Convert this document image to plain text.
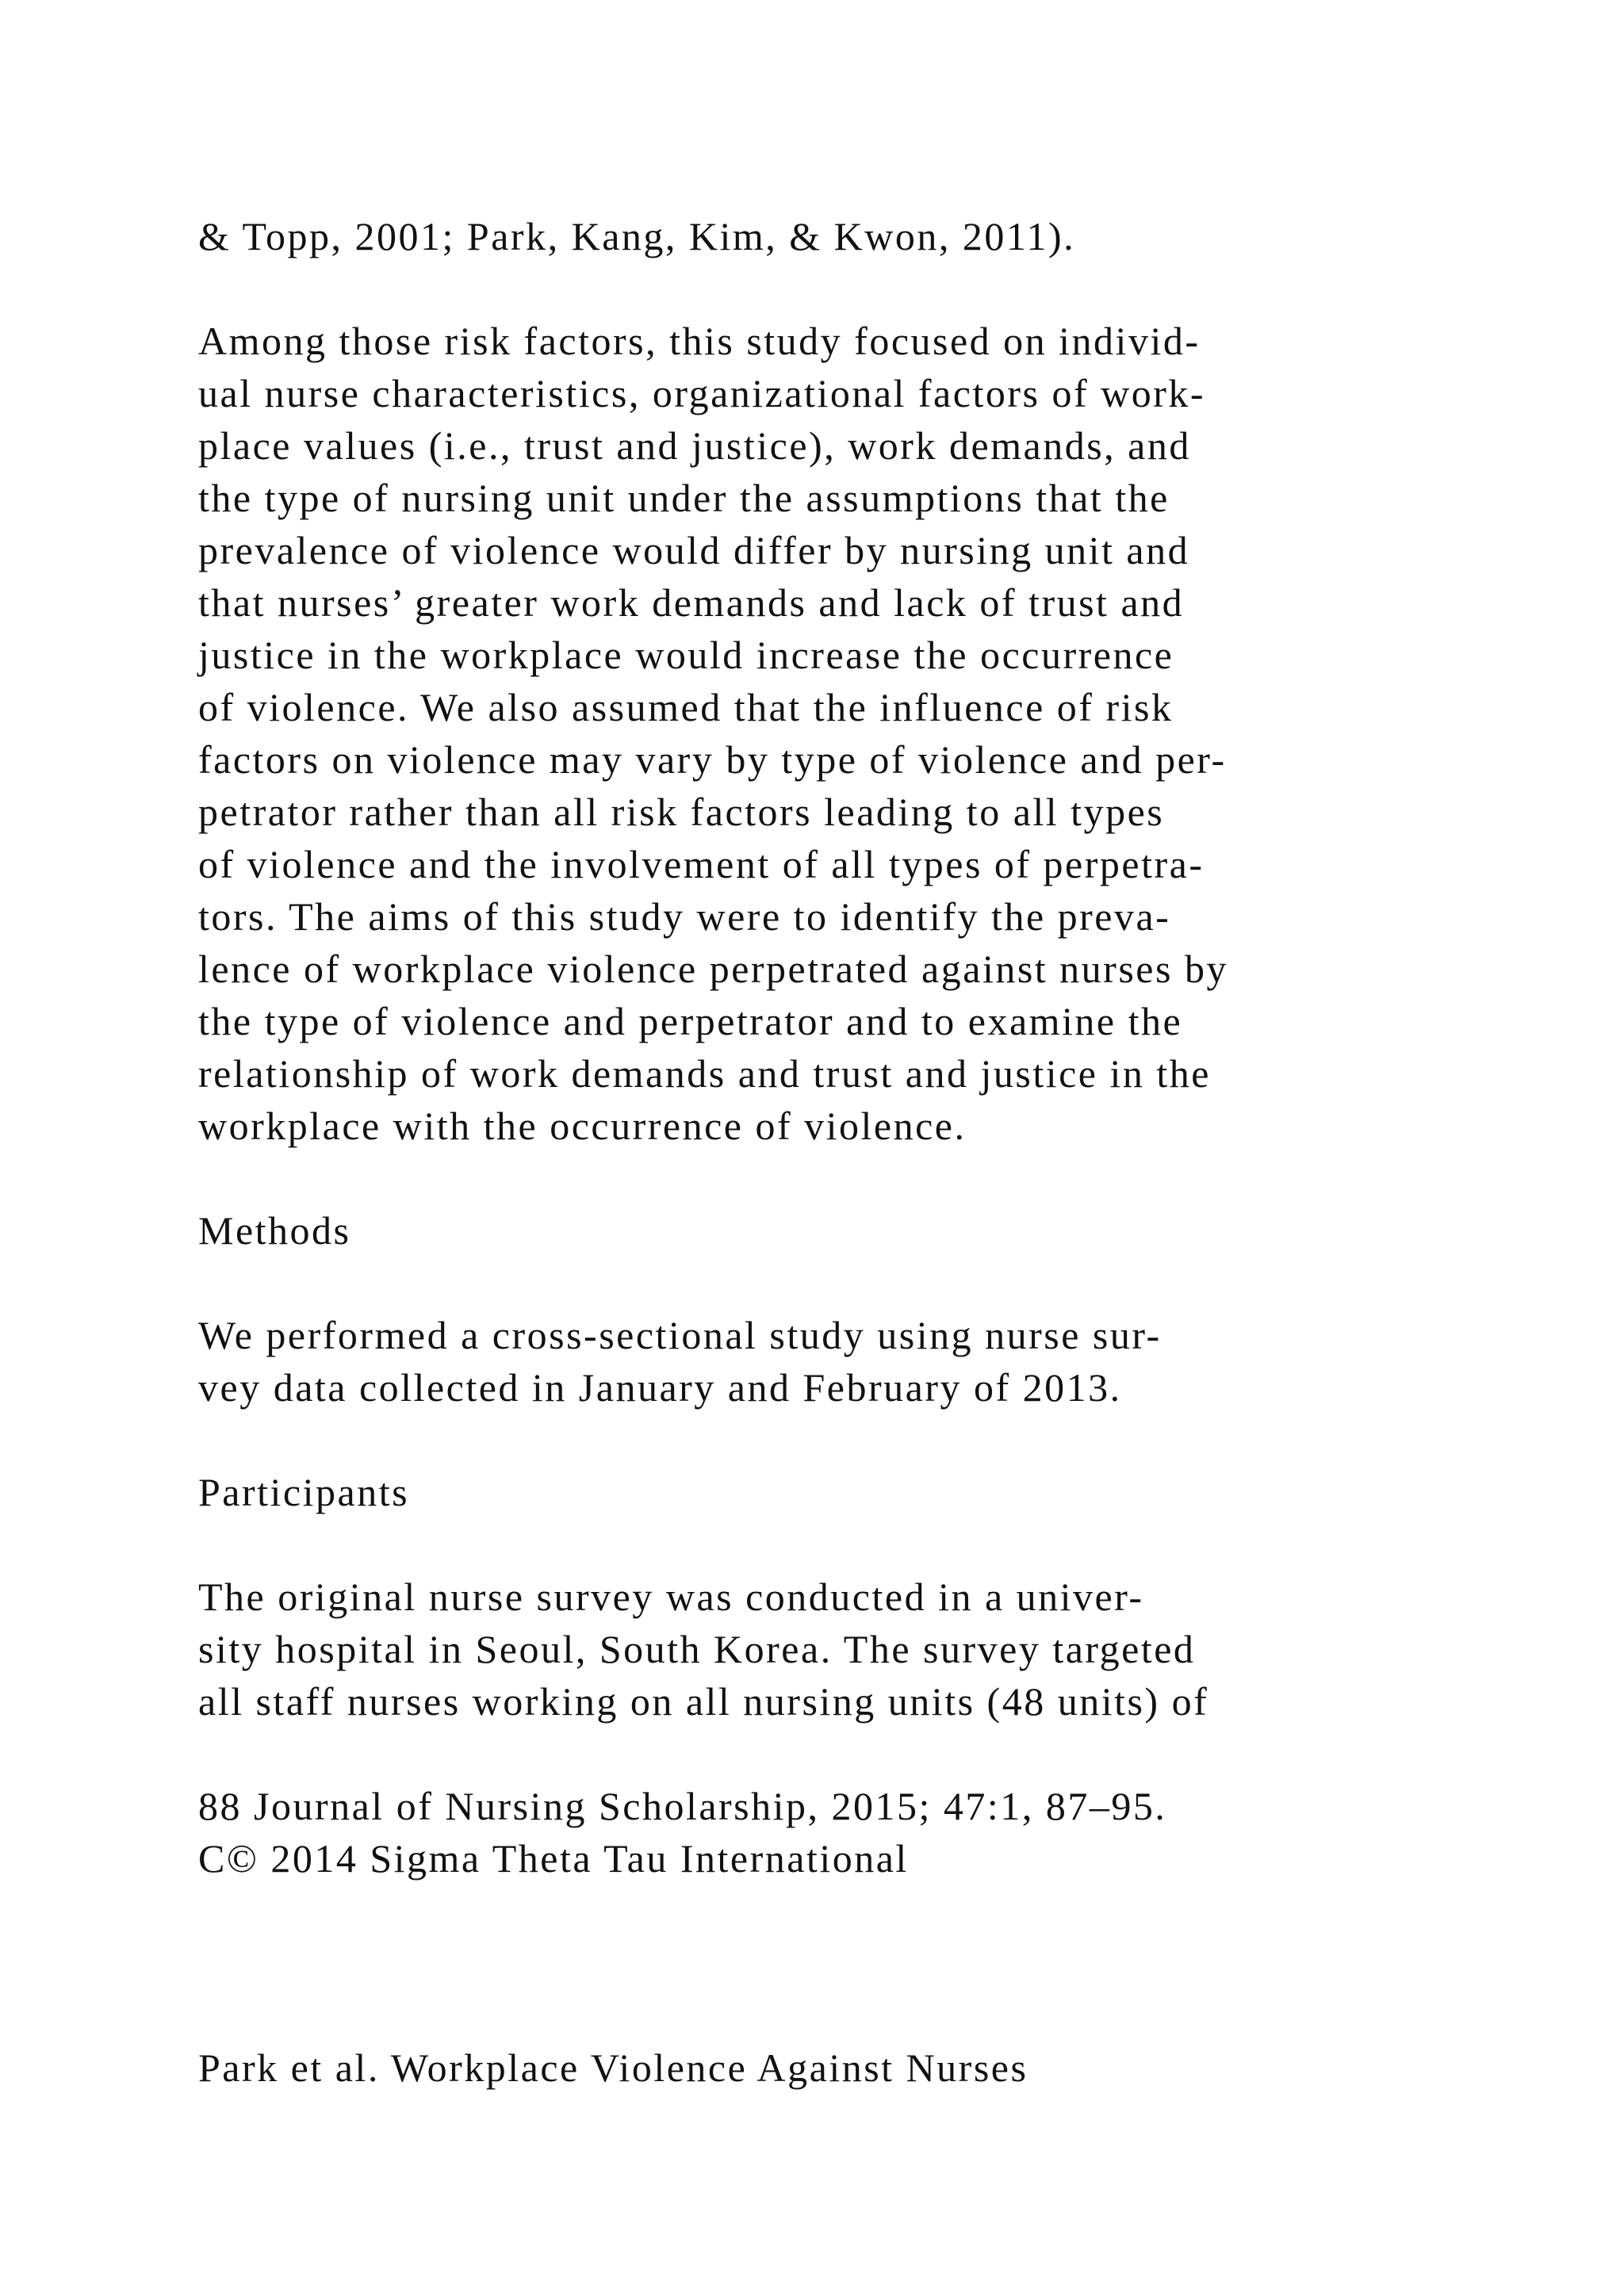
& Topp, 2001; Park, Kang, Kim, & Kwon, 2011).
Among those risk factors, this study focused on individ-
ual nurse characteristics, organizational factors of work-
place values (i.e., trust and justice), work demands, and
the type of nursing unit under the assumptions that the
prevalence of violence would differ by nursing unit and
that nurses’ greater work demands and lack of trust and
justice in the workplace would increase the occurrence
of violence. We also assumed that the influence of risk
factors on violence may vary by type of violence and per-
petrator rather than all risk factors leading to all types
of violence and the involvement of all types of perpetra-
tors. The aims of this study were to identify the preva-
lence of workplace violence perpetrated against nurses by
the type of violence and perpetrator and to examine the
relationship of work demands and trust and justice in the
workplace with the occurrence of violence.
Methods
We performed a cross-sectional study using nurse sur-
vey data collected in January and February of 2013.
Participants
The original nurse survey was conducted in a univer-
sity hospital in Seoul, South Korea. The survey targeted
all staff nurses working on all nursing units (48 units) of
88 Journal of Nursing Scholarship, 2015; 47:1, 87–95.
C© 2014 Sigma Theta Tau International
Park et al. Workplace Violence Against Nurses
